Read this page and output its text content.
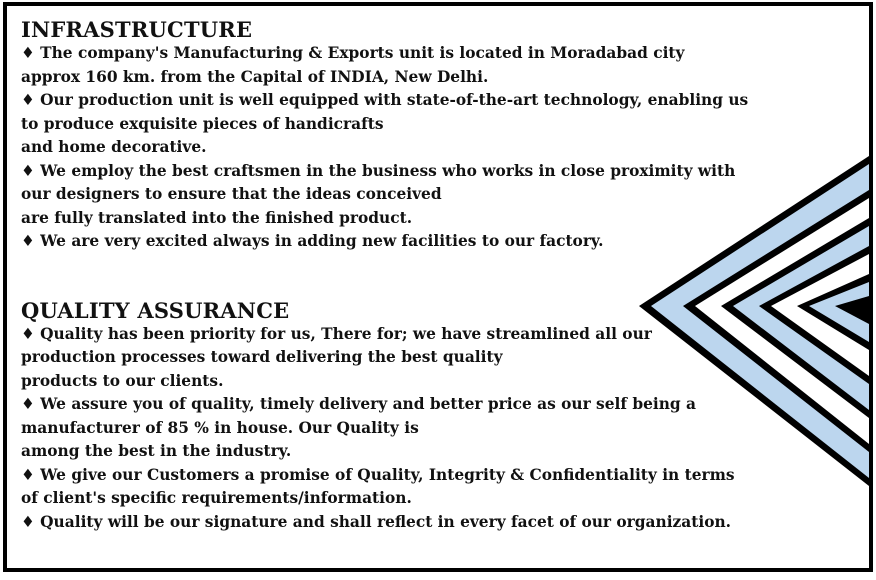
INFRASTRUCTURE

♦ The company's Manufacturing & Exports unit is located in Moradabad city
approx 160 km. from the Capital of INDIA, New Delhi.

♦ Our production unit is well equipped with state-of-the-art technology, enabling us
to produce exquisite pieces of handicrafts
and home decorative.

♦ We employ the best craftsmen in the business who works in close proximity with
our designers to ensure that the ideas conceived
are fully translated into the finished product.

♦ We are very excited always in adding new facilities to our factory.

QUALITY ASSURANCE

♦ Quality has been priority for us, There for; we have streamlined all our
production processes toward delivering the best quality
products to our clients.

♦ We assure you of quality, timely delivery and better price as our self being a
manufacturer of 85 % in house. Our Quality is
among the best in the industry.

♦ We give our Customers a promise of Quality, Integrity & Confidentiality in terms
of client's specific requirements/information.

♦ Quality will be our signature and shall reflect in every facet of our organization.
